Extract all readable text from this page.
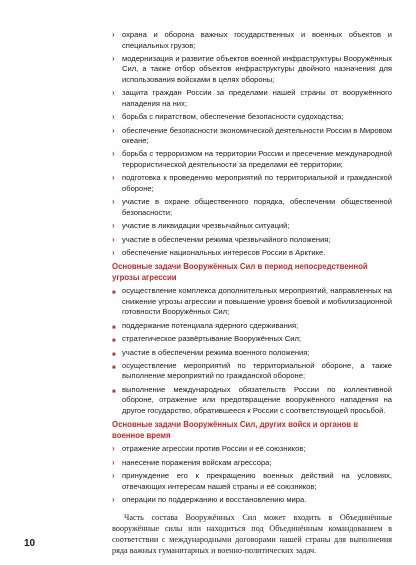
› охрана и оборона важных государственных и военных объектов и специальных грузов;
› модернизация и развитие объектов военной инфраструктуры Вооружённых Сил, а также отбор объектов инфраструктуры двойного назначения для использования войсками в целях обороны;
› защита граждан России за пределами нашей страны от вооружённого нападения на них;
› борьба с пиратством, обеспечение безопасности судоходства;
› обеспечение безопасности экономической деятельности России в Мировом океане;
› борьба с терроризмом на территории России и пресечение международной террористической деятельности за пределами её территории;
› подготовка к проведению мероприятий по территориальной и гражданской обороне;
› участие в охране общественного порядка, обеспечении общественной безопасности;
› участие в ликвидации чрезвычайных ситуаций;
› участие в обеспечении режима чрезвычайного положения;
› обеспечение национальных интересов России в Арктике.
Основные задачи Вооружённых Сил в период непосредственной угрозы агрессии
■ осуществление комплекса дополнительных мероприятий, направленных на снижение угрозы агрессии и повышение уровня боевой и мобилизационной готовности Вооружённых Сил;
■ поддержание потенциала ядерного сдерживания;
■ стратегическое развёртывание Вооружённых Сил;
■ участие в обеспечении режима военного положения;
■ осуществление мероприятий по территориальной обороне, а также выполнение мероприятий по гражданской обороне;
■ выполнение международных обязательств России по коллективной обороне, отражение или предотвращение вооружённого нападения на другое государство, обратившееся к России с соответствующей просьбой.
Основные задачи Вооружённых Сил, других войск и органов в военное время
› отражение агрессии против России и её союзников;
› нанесение поражения войскам агрессора;
› принуждение его к прекращению военных действий на условиях, отвечающих интересам нашей страны и её союзников;
› операции по поддержанию и восстановлению мира.

Часть состава Вооружённых Сил может входить в Объединённые вооружённые силы или находиться под Объединённым командованием в соответствии с международными договорами нашей страны для выполнения ряда важных гуманитарных и военно-политических задач.

10
